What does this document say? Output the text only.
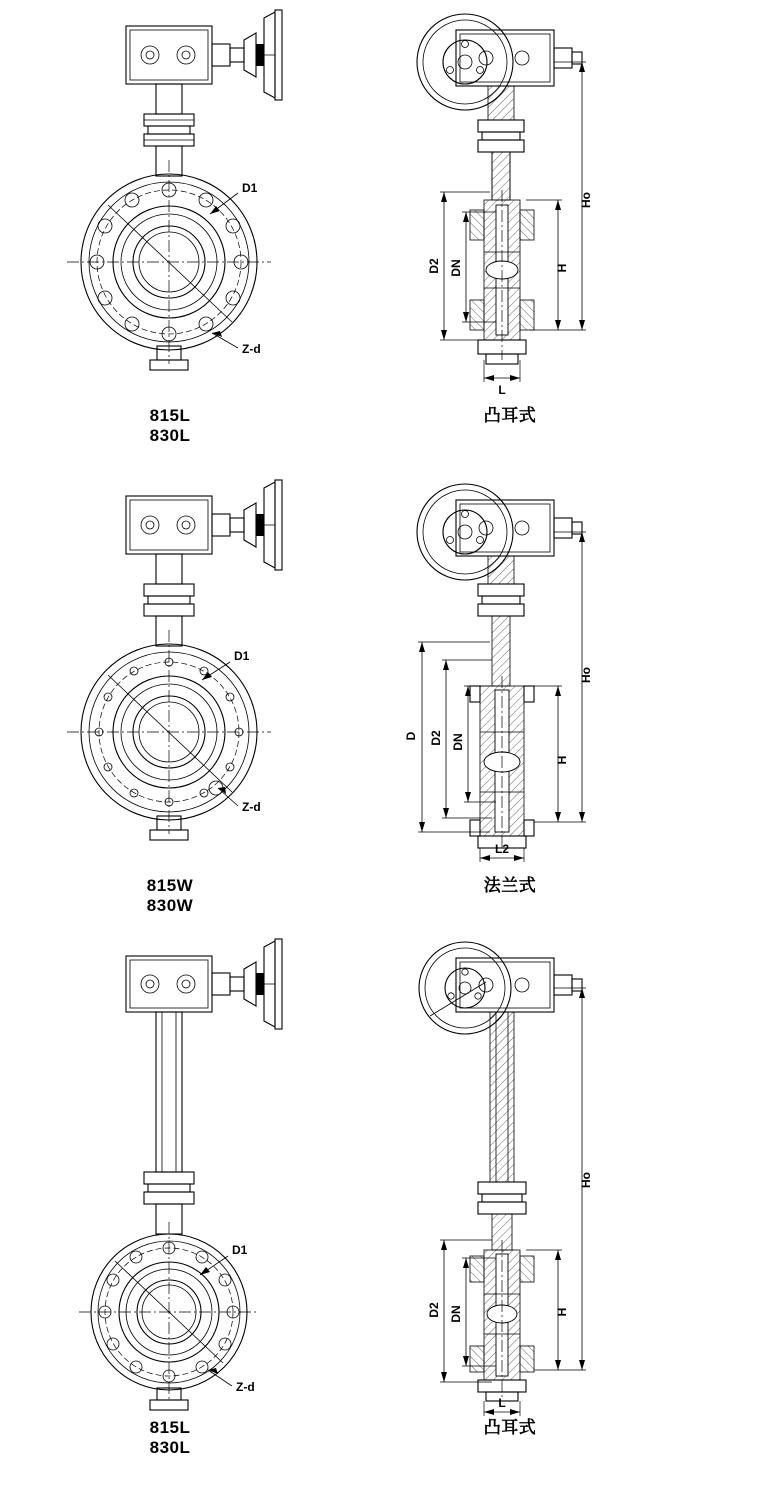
D1
Z-d
815L
830L
Ho
H
D2 DN
L
凸耳式
D1
Z-d
815W
830W
Ho
H
D D2 DN
L2
法兰式
D1
Z-d
815L
830L
Ho
H
D2 DN
L
凸耳式
